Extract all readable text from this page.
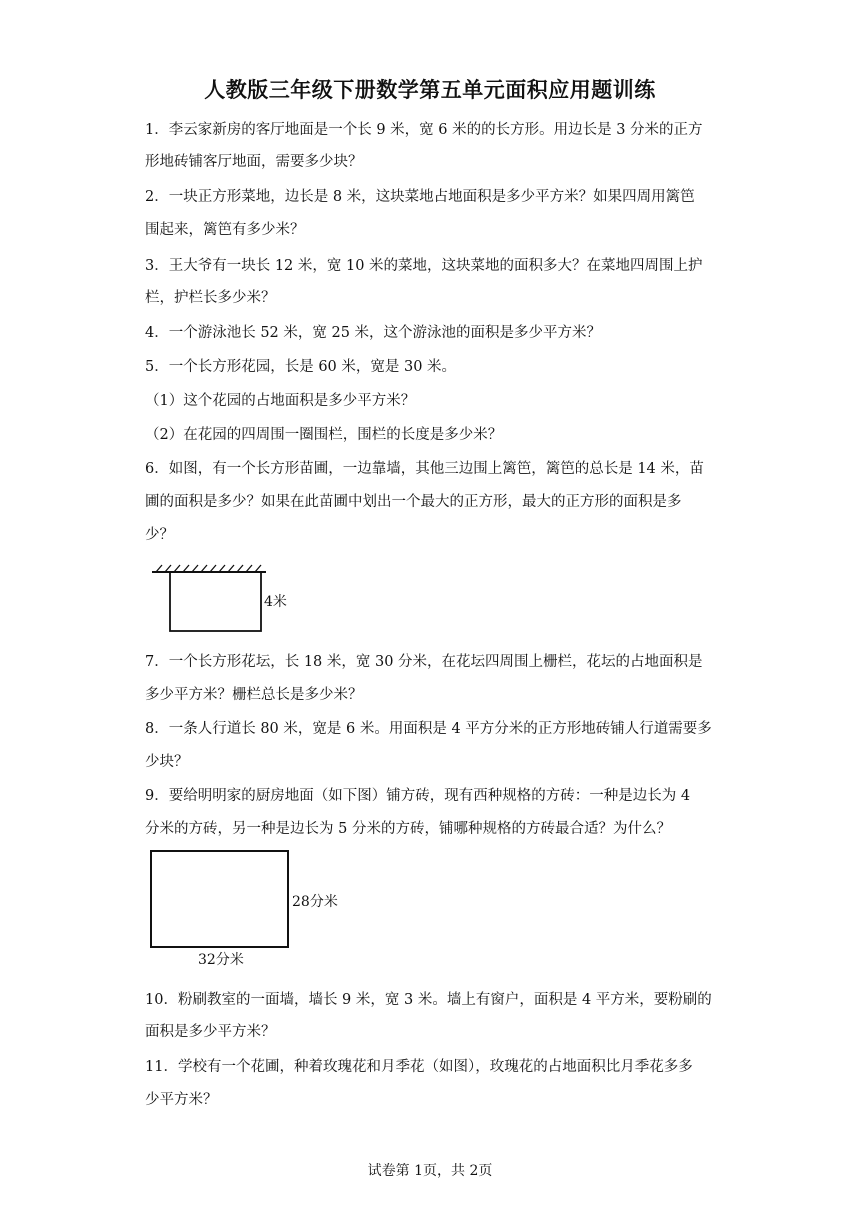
人教版三年级下册数学第五单元面积应用题训练
1．李云家新房的客厅地面是一个长 9 米，宽 6 米的的长方形。用边长是 3 分米的正方
形地砖铺客厅地面，需要多少块？
2．一块正方形菜地，边长是 8 米，这块菜地占地面积是多少平方米？如果四周用篱笆
围起来，篱笆有多少米？
3．王大爷有一块长 12 米，宽 10 米的菜地，这块菜地的面积多大？在菜地四周围上护
栏，护栏长多少米？
4．一个游泳池长 52 米，宽 25 米，这个游泳池的面积是多少平方米？
5．一个长方形花园，长是 60 米，宽是 30 米。
（1）这个花园的占地面积是多少平方米？
（2）在花园的四周围一圈围栏，围栏的长度是多少米？
6．如图，有一个长方形苗圃，一边靠墙，其他三边围上篱笆，篱笆的总长是 14 米，苗
圃的面积是多少？如果在此苗圃中划出一个最大的正方形，最大的正方形的面积是多
少？
4米
7．一个长方形花坛，长 18 米，宽 30 分米，在花坛四周围上栅栏，花坛的占地面积是
多少平方米？栅栏总长是多少米？
8．一条人行道长 80 米，宽是 6 米。用面积是 4 平方分米的正方形地砖铺人行道需要多
少块？
9．要给明明家的厨房地面（如下图）铺方砖，现有西种规格的方砖：一种是边长为 4
分米的方砖，另一种是边长为 5 分米的方砖，铺哪种规格的方砖最合适？为什么？
28分米
32分米
10．粉刷教室的一面墙，墙长 9 米，宽 3 米。墙上有窗户，面积是 4 平方米，要粉刷的
面积是多少平方米？
11．学校有一个花圃，种着玫瑰花和月季花（如图），玫瑰花的占地面积比月季花多多
少平方米？
试卷第 1页，共 2页
